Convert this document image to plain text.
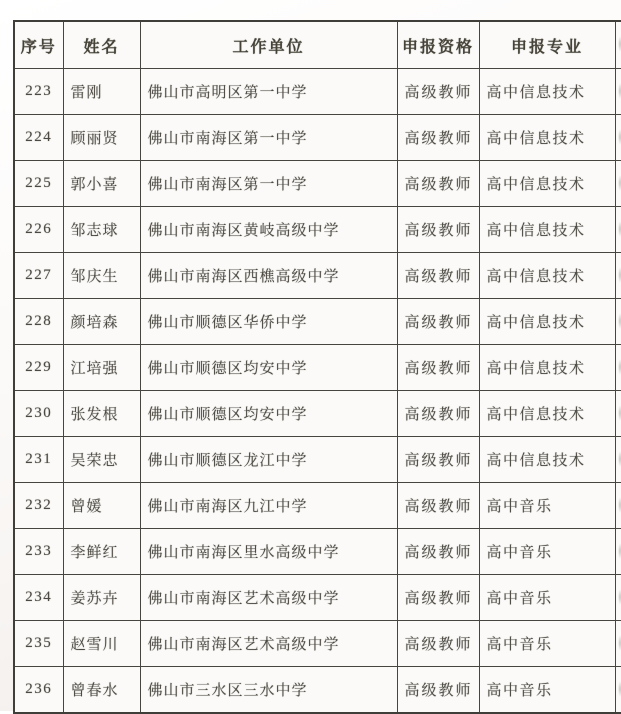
序号	姓名	工作单位	申报资格	申报专业	
223	雷刚	佛山市高明区第一中学	高级教师	高中信息技术	
224	顾丽贤	佛山市南海区第一中学	高级教师	高中信息技术	
225	郭小喜	佛山市南海区第一中学	高级教师	高中信息技术	
226	邹志球	佛山市南海区黄岐高级中学	高级教师	高中信息技术	
227	邹庆生	佛山市南海区西樵高级中学	高级教师	高中信息技术	
228	颜培森	佛山市顺德区华侨中学	高级教师	高中信息技术	
229	江培强	佛山市顺德区均安中学	高级教师	高中信息技术	
230	张发根	佛山市顺德区均安中学	高级教师	高中信息技术	
231	吴荣忠	佛山市顺德区龙江中学	高级教师	高中信息技术	
232	曾媛	佛山市南海区九江中学	高级教师	高中音乐	
233	李鲜红	佛山市南海区里水高级中学	高级教师	高中音乐	
234	姜苏卉	佛山市南海区艺术高级中学	高级教师	高中音乐	
235	赵雪川	佛山市南海区艺术高级中学	高级教师	高中音乐	
236	曾春水	佛山市三水区三水中学	高级教师	高中音乐	
